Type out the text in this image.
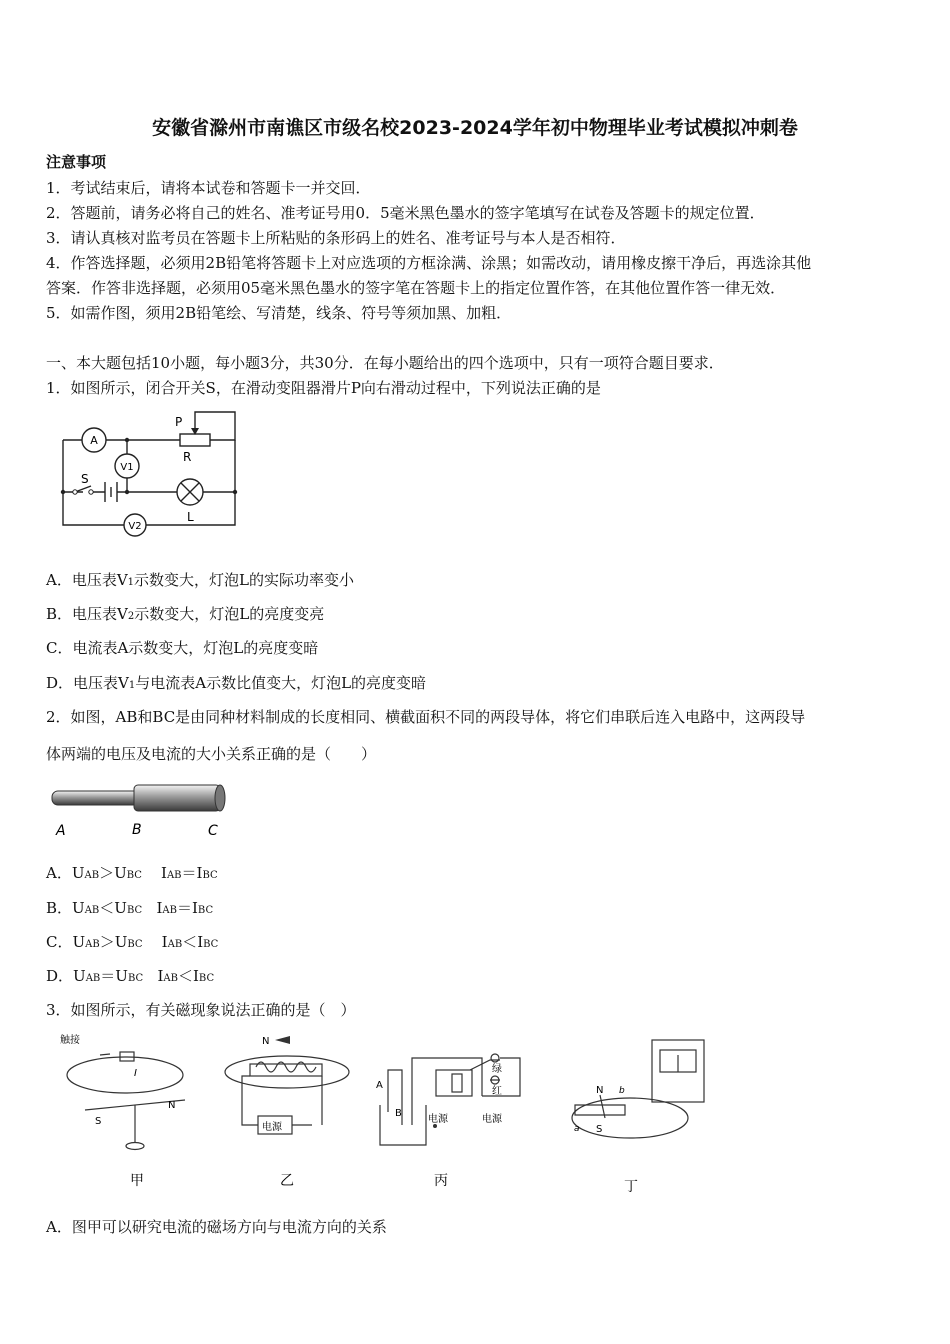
安徽省滁州市南谯区市级名校2023-2024学年初中物理毕业考试模拟冲刺卷
注意事项
1．考试结束后，请将本试卷和答题卡一并交回．
2．答题前，请务必将自己的姓名、准考证号用0．5毫米黑色墨水的签字笔填写在试卷及答题卡的规定位置．
3．请认真核对监考员在答题卡上所粘贴的条形码上的姓名、准考证号与本人是否相符．
4．作答选择题，必须用2B铅笔将答题卡上对应选项的方框涂满、涂黑；如需改动，请用橡皮擦干净后，再选涂其他
答案．作答非选择题，必须用05毫米黑色墨水的签字笔在答题卡上的指定位置作答，在其他位置作答一律无效．
5．如需作图，须用2B铅笔绘、写清楚，线条、符号等须加黑、加粗．
一、本大题包括10小题，每小题3分，共30分．在每小题给出的四个选项中，只有一项符合题目要求．
1．如图所示，闭合开关S，在滑动变阻器滑片P向右滑动过程中，下列说法正确的是
A
V1
V2
P
R
S
L
A．电压表V1示数变大，灯泡L的实际功率变小
B．电压表V2示数变大，灯泡L的亮度变亮
C．电流表A示数变大，灯泡L的亮度变暗
D．电压表V1与电流表A示数比值变大，灯泡L的亮度变暗
2．如图，AB和BC是由同种材料制成的长度相同、横截面积不同的两段导体，将它们串联后连入电路中，这两段导
体两端的电压及电流的大小关系正确的是（　　）
A	B	C
A．UAB＞UBC IAB＝IBC
B．UAB＜UBC IAB＝IBC
C．UAB＞UBC IAB＜IBC
D．UAB＝UBC IAB＜IBC
3．如图所示，有关磁现象说法正确的是（　）
触接
I
S
N
N
电源
A
B
电源	电源
绿
红	N b
a S
甲	乙	丙	丁
A．图甲可以研究电流的磁场方向与电流方向的关系
